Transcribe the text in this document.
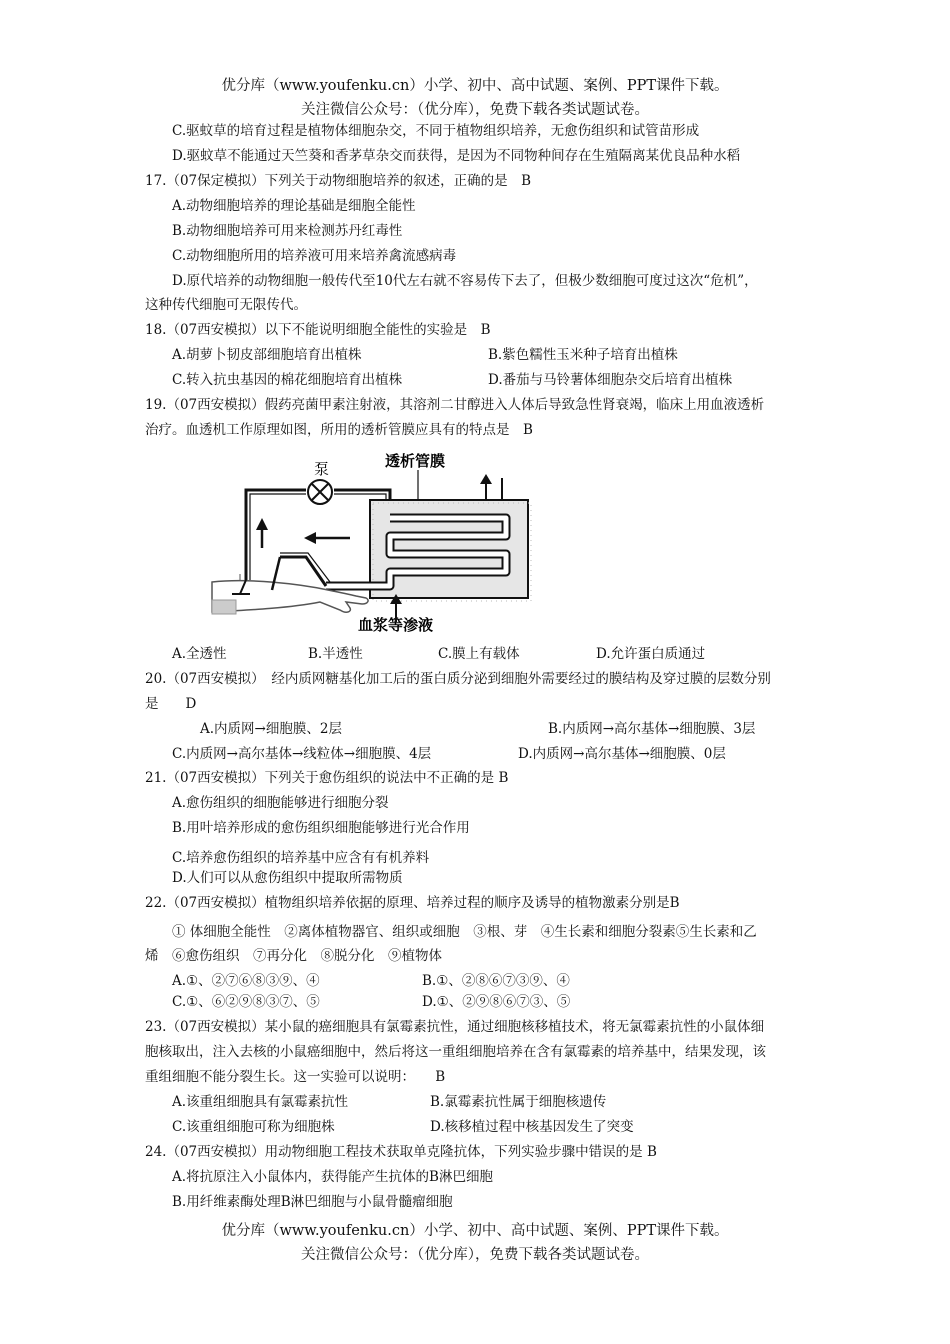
优分库（www.youfenku.cn）小学、初中、高中试题、案例、PPT课件下载。
关注微信公众号：（优分库），免费下载各类试题试卷。
C.驱蚊草的培育过程是植物体细胞杂交，不同于植物组织培养，无愈伤组织和试管苗形成
D.驱蚊草不能通过天竺葵和香茅草杂交而获得，是因为不同物种间存在生殖隔离某优良品种水稻
17.（07保定模拟）下列关于动物细胞培养的叙述，正确的是　B
A.动物细胞培养的理论基础是细胞全能性
B.动物细胞培养可用来检测苏丹红毒性
C.动物细胞所用的培养液可用来培养禽流感病毒
D.原代培养的动物细胞一般传代至10代左右就不容易传下去了，但极少数细胞可度过这次“危机”，
这种传代细胞可无限传代。
18.（07西安模拟）以下不能说明细胞全能性的实验是　B
A.胡萝卜韧皮部细胞培育出植株	B.紫色糯性玉米种子培育出植株
C.转入抗虫基因的棉花细胞培育出植株	D.番茄与马铃薯体细胞杂交后培育出植株
19.（07西安模拟）假药亮菌甲素注射液，其溶剂二甘醇进入人体后导致急性肾衰竭，临床上用血液透析
治疗。血透机工作原理如图，所用的透析管膜应具有的特点是　B
泵	透析管膜
血浆等渗液
A.全透性	B.半透性	C.膜上有载体	D.允许蛋白质通过
20.（07西安模拟）　经内质网糖基化加工后的蛋白质分泌到细胞外需要经过的膜结构及穿过膜的层数分别
是　　D
A.内质网→细胞膜、2层	B.内质网→高尔基体→细胞膜、3层
C.内质网→高尔基体→线粒体→细胞膜、4层	D.内质网→高尔基体→细胞膜、0层
21.（07西安模拟）下列关于愈伤组织的说法中不正确的是 B
A.愈伤组织的细胞能够进行细胞分裂
B.用叶培养形成的愈伤组织细胞能够进行光合作用
C.培养愈伤组织的培养基中应含有有机养料
D.人们可以从愈伤组织中提取所需物质
22.（07西安模拟）植物组织培养依据的原理、培养过程的顺序及诱导的植物激素分别是B
① 体细胞全能性　②离体植物器官、组织或细胞　③根、芽　④生长素和细胞分裂素⑤生长素和乙
烯　⑥愈伤组织　⑦再分化　⑧脱分化　⑨植物体
A.①、②⑦⑥⑧③⑨、④	B.①、②⑧⑥⑦③⑨、④
C.①、⑥②⑨⑧③⑦、⑤	D.①、②⑨⑧⑥⑦③、⑤
23.（07西安模拟）某小鼠的癌细胞具有氯霉素抗性，通过细胞核移植技术，将无氯霉素抗性的小鼠体细
胞核取出，注入去核的小鼠癌细胞中，然后将这一重组细胞培养在含有氯霉素的培养基中，结果发现，该
重组细胞不能分裂生长。这一实验可以说明：　　B
A.该重组细胞具有氯霉素抗性	B.氯霉素抗性属于细胞核遗传
C.该重组细胞可称为细胞株	D.核移植过程中核基因发生了突变
24.（07西安模拟）用动物细胞工程技术获取单克隆抗体，下列实验步骤中错误的是 B
A.将抗原注入小鼠体内，获得能产生抗体的B淋巴细胞
B.用纤维素酶处理B淋巴细胞与小鼠骨髓瘤细胞
优分库（www.youfenku.cn）小学、初中、高中试题、案例、PPT课件下载。
关注微信公众号：（优分库），免费下载各类试题试卷。
